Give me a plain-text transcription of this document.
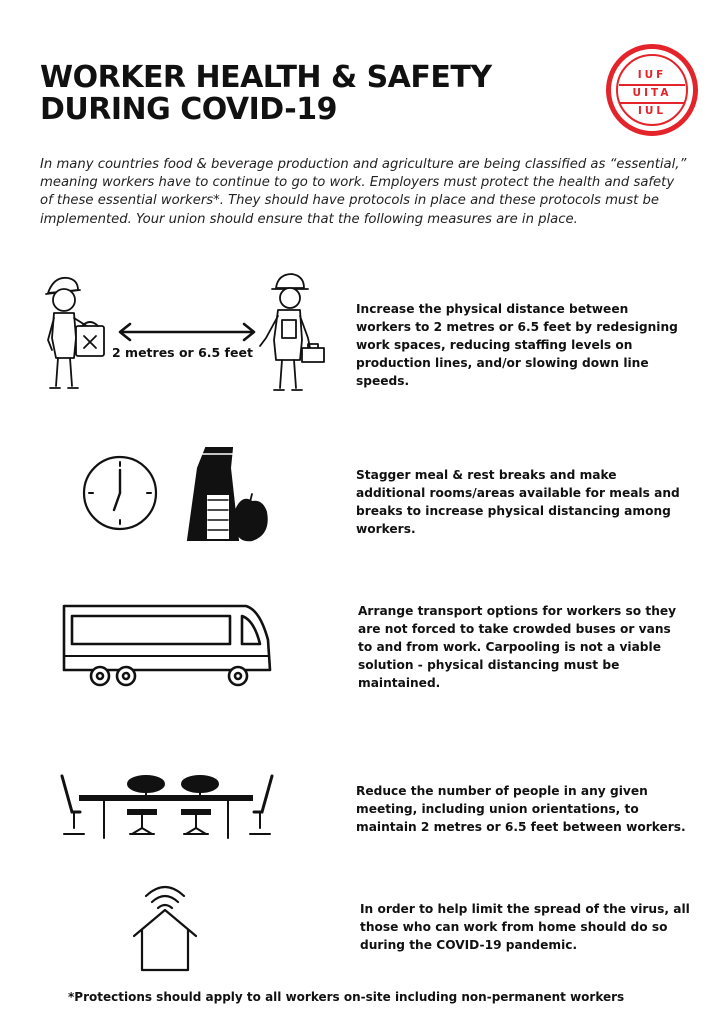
WORKER HEALTH & SAFETY
DURING COVID-19
IUF
UITA
IUL
In many countries food & beverage production and agriculture are being classified as “essential,” meaning workers have to continue to go to work. Employers must protect the health and safety of these essential workers*. They should have protocols in place and these protocols must be implemented. Your union should ensure that the following measures are in place.
2 metres or 6.5 feet
Increase the physical distance between workers to 2 metres or 6.5 feet by redesigning work spaces, reducing staffing levels on production lines, and/or slowing down line speeds.
Stagger meal & rest breaks and make additional rooms/areas available for meals and breaks to increase physical distancing among workers.
Arrange transport options for workers so they are not forced to take crowded buses or vans to and from work. Carpooling is not a viable solution - physical distancing must be maintained.
Reduce the number of people in any given meeting, including union orientations, to maintain 2 metres or 6.5 feet between workers.
In order to help limit the spread of the virus, all those who can work from home should do so during the COVID-19 pandemic.
*Protections should apply to all workers on-site including non-permanent workers
